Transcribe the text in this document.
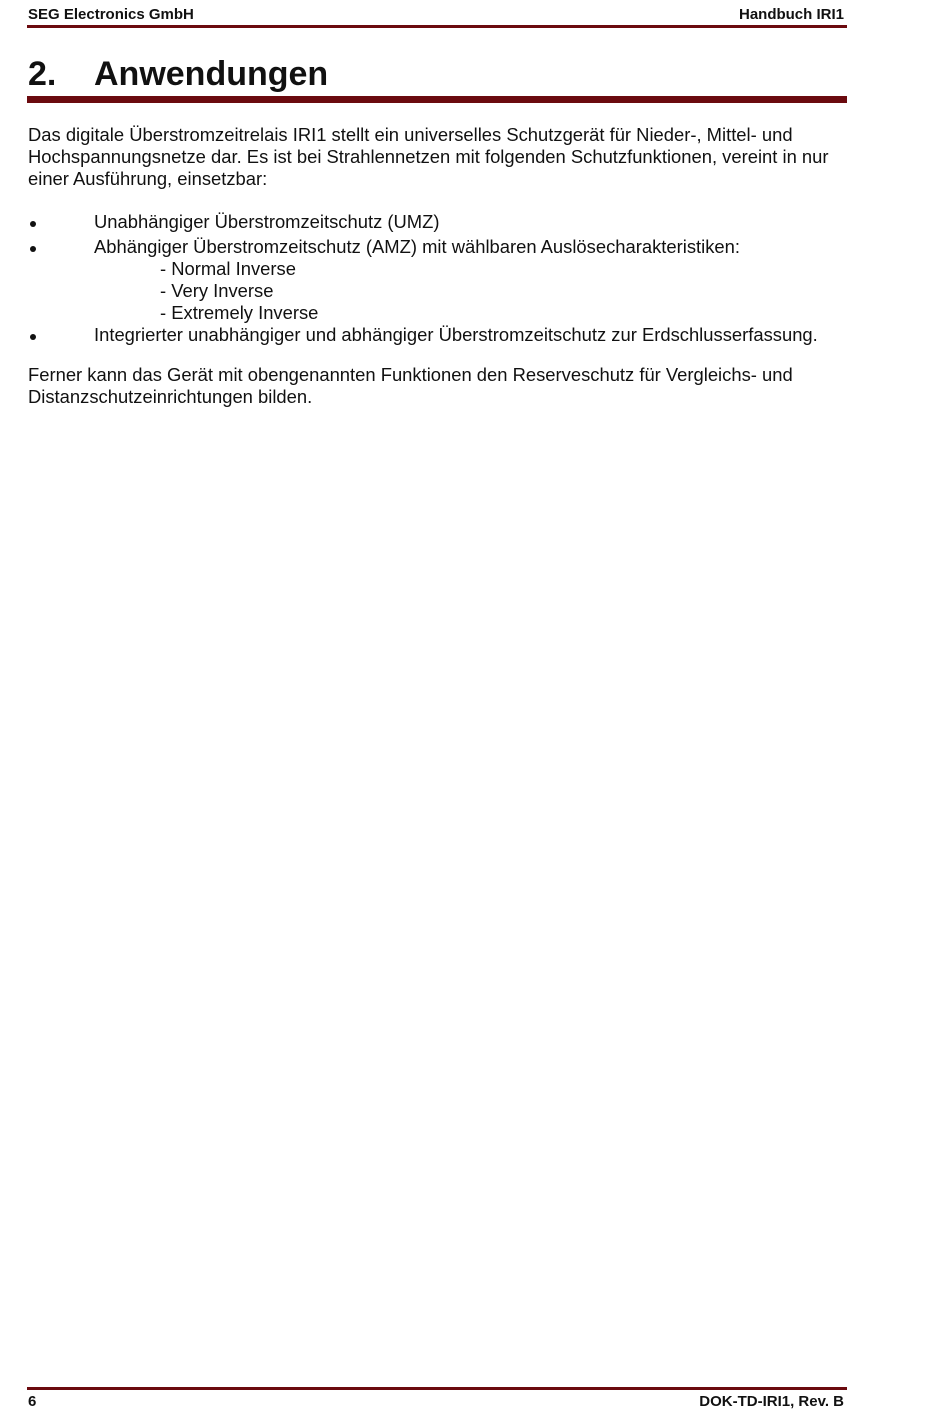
SEG Electronics GmbH	Handbuch IRI1
2. Anwendungen

Das digitale Überstromzeitrelais IRI1 stellt ein universelles Schutzgerät für Nieder-, Mittel- und Hochspannungsnetze dar. Es ist bei Strahlennetzen mit folgenden Schutzfunktionen, vereint in nur einer Ausführung, einsetzbar:

Unabhängiger Überstromzeitschutz (UMZ)
Abhängiger Überstromzeitschutz (AMZ) mit wählbaren Auslösecharakteristiken:
- Normal Inverse
- Very Inverse
- Extremely Inverse
Integrierter unabhängiger und abhängiger Überstromzeitschutz zur Erdschlusserfassung.

Ferner kann das Gerät mit obengenannten Funktionen den Reserveschutz für Vergleichs- und Distanzschutzeinrichtungen bilden.

6	DOK-TD-IRI1, Rev. B
